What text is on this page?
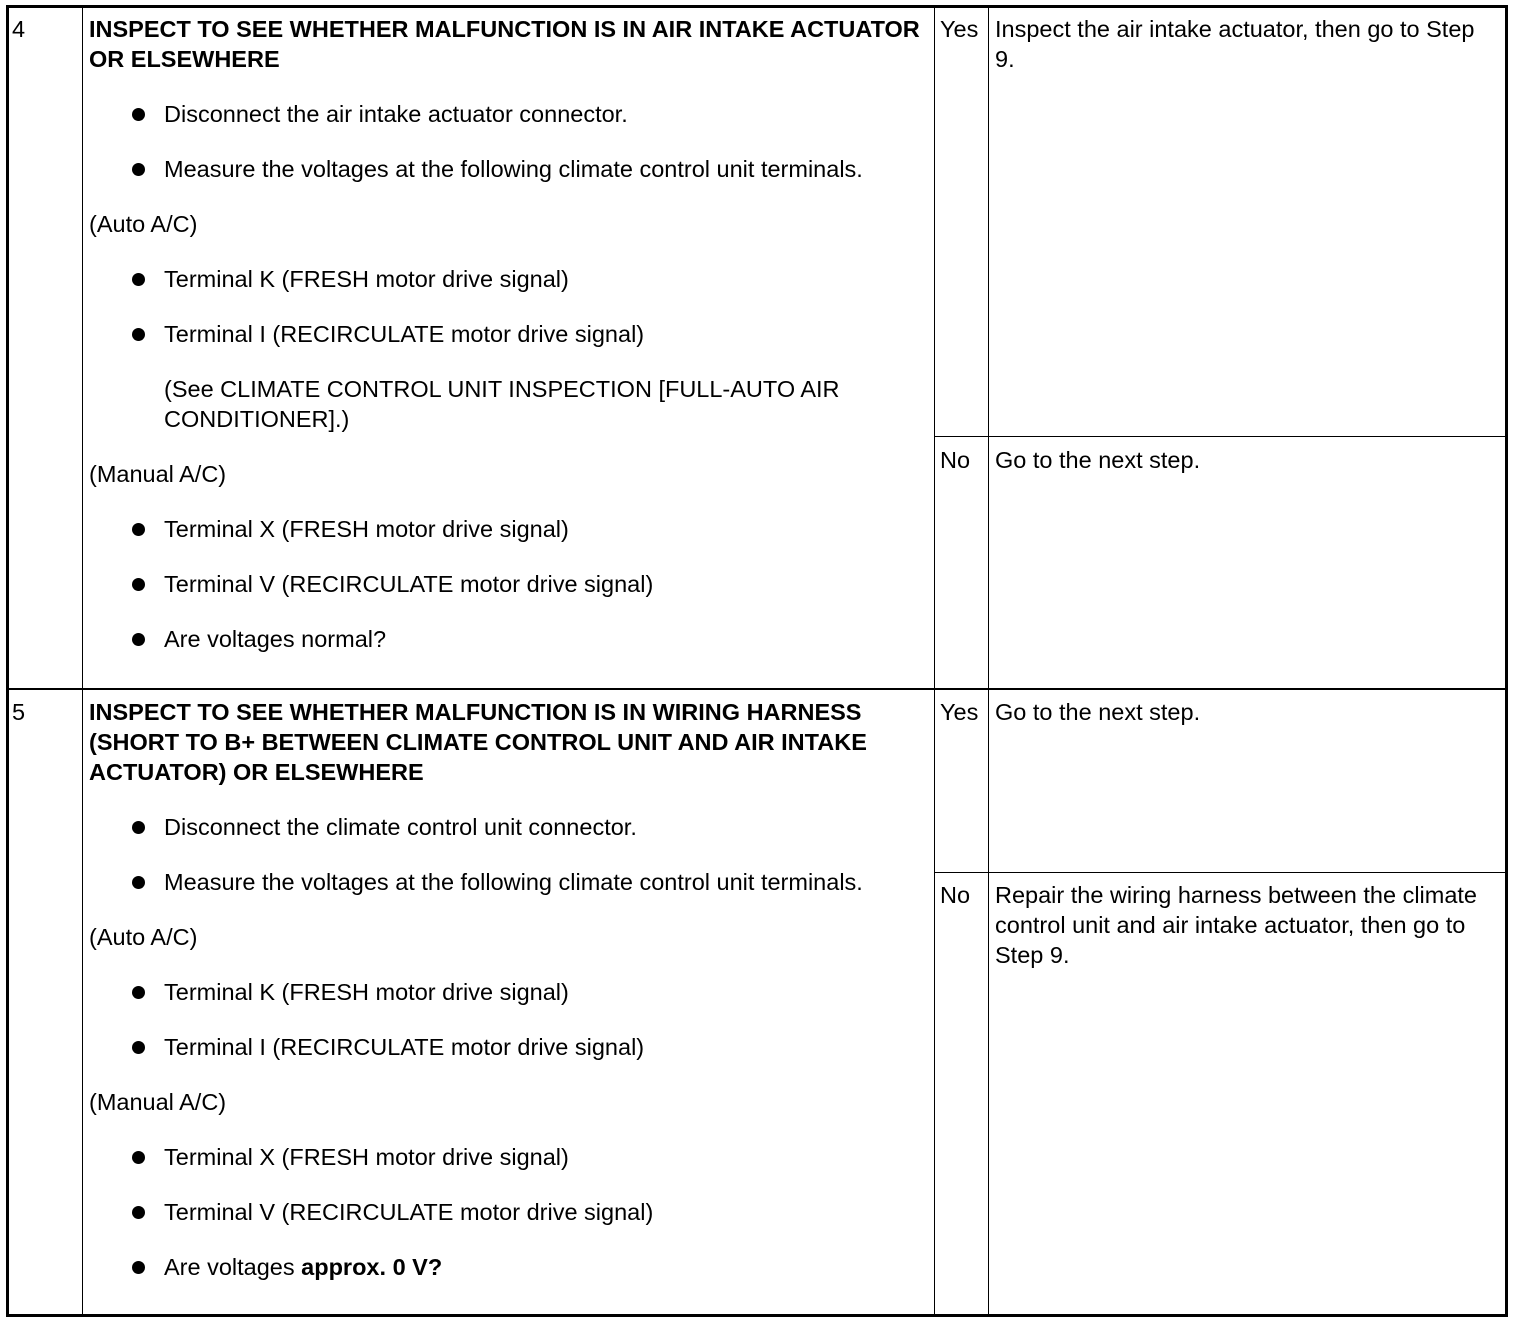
4	INSPECT TO SEE WHETHER MALFUNCTION IS IN AIR INTAKE ACTUATOR OR ELSEWHERE

Disconnect the air intake actuator connector.

Measure the voltages at the following climate control unit terminals.

(Auto A/C)

Terminal K (FRESH motor drive signal)

Terminal I (RECIRCULATE motor drive signal)

(See CLIMATE CONTROL UNIT INSPECTION [FULL-AUTO AIR CONDITIONER].)

(Manual A/C)

Terminal X (FRESH motor drive signal)

Terminal V (RECIRCULATE motor drive signal)

Are voltages normal?

Yes Inspect the air intake actuator, then go to Step 9.
No Go to the next step.
5	INSPECT TO SEE WHETHER MALFUNCTION IS IN WIRING HARNESS (SHORT TO B+ BETWEEN CLIMATE CONTROL UNIT AND AIR INTAKE ACTUATOR) OR ELSEWHERE

Disconnect the climate control unit connector.

Measure the voltages at the following climate control unit terminals.

(Auto A/C)

Terminal K (FRESH motor drive signal)

Terminal I (RECIRCULATE motor drive signal)

(Manual A/C)

Terminal X (FRESH motor drive signal)

Terminal V (RECIRCULATE motor drive signal)

Are voltages approx. 0 V?

Yes Go to the next step.
No Repair the wiring harness between the climate control unit and air intake actuator, then go to Step 9.
